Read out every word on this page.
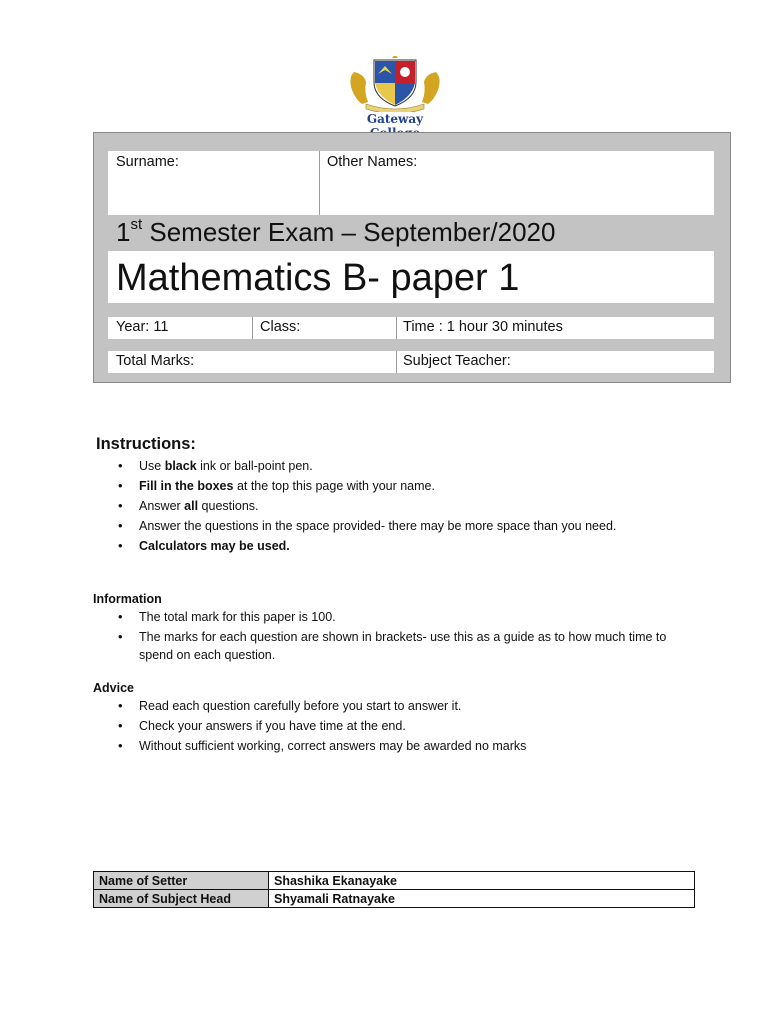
Gateway
Surname:	Other Names:
1st Semester Exam – September/2020
Mathematics B- paper 1
Year: 11	Class:	Time : 1 hour 30 minutes
Total Marks:	Subject Teacher:
Instructions:
• Use black ink or ball-point pen.
• Fill in the boxes at the top this page with your name.
• Answer all questions.
• Answer the questions in the space provided- there may be more space than you need.
• Calculators may be used.
Information
• The total mark for this paper is 100.
• The marks for each question are shown in brackets- use this as a guide as to how much time to spend on each question.
Advice
• Read each question carefully before you start to answer it.
• Check your answers if you have time at the end.
• Without sufficient working, correct answers may be awarded no marks
Name of Setter	Shashika Ekanayake
Name of Subject Head	Shyamali Ratnayake
